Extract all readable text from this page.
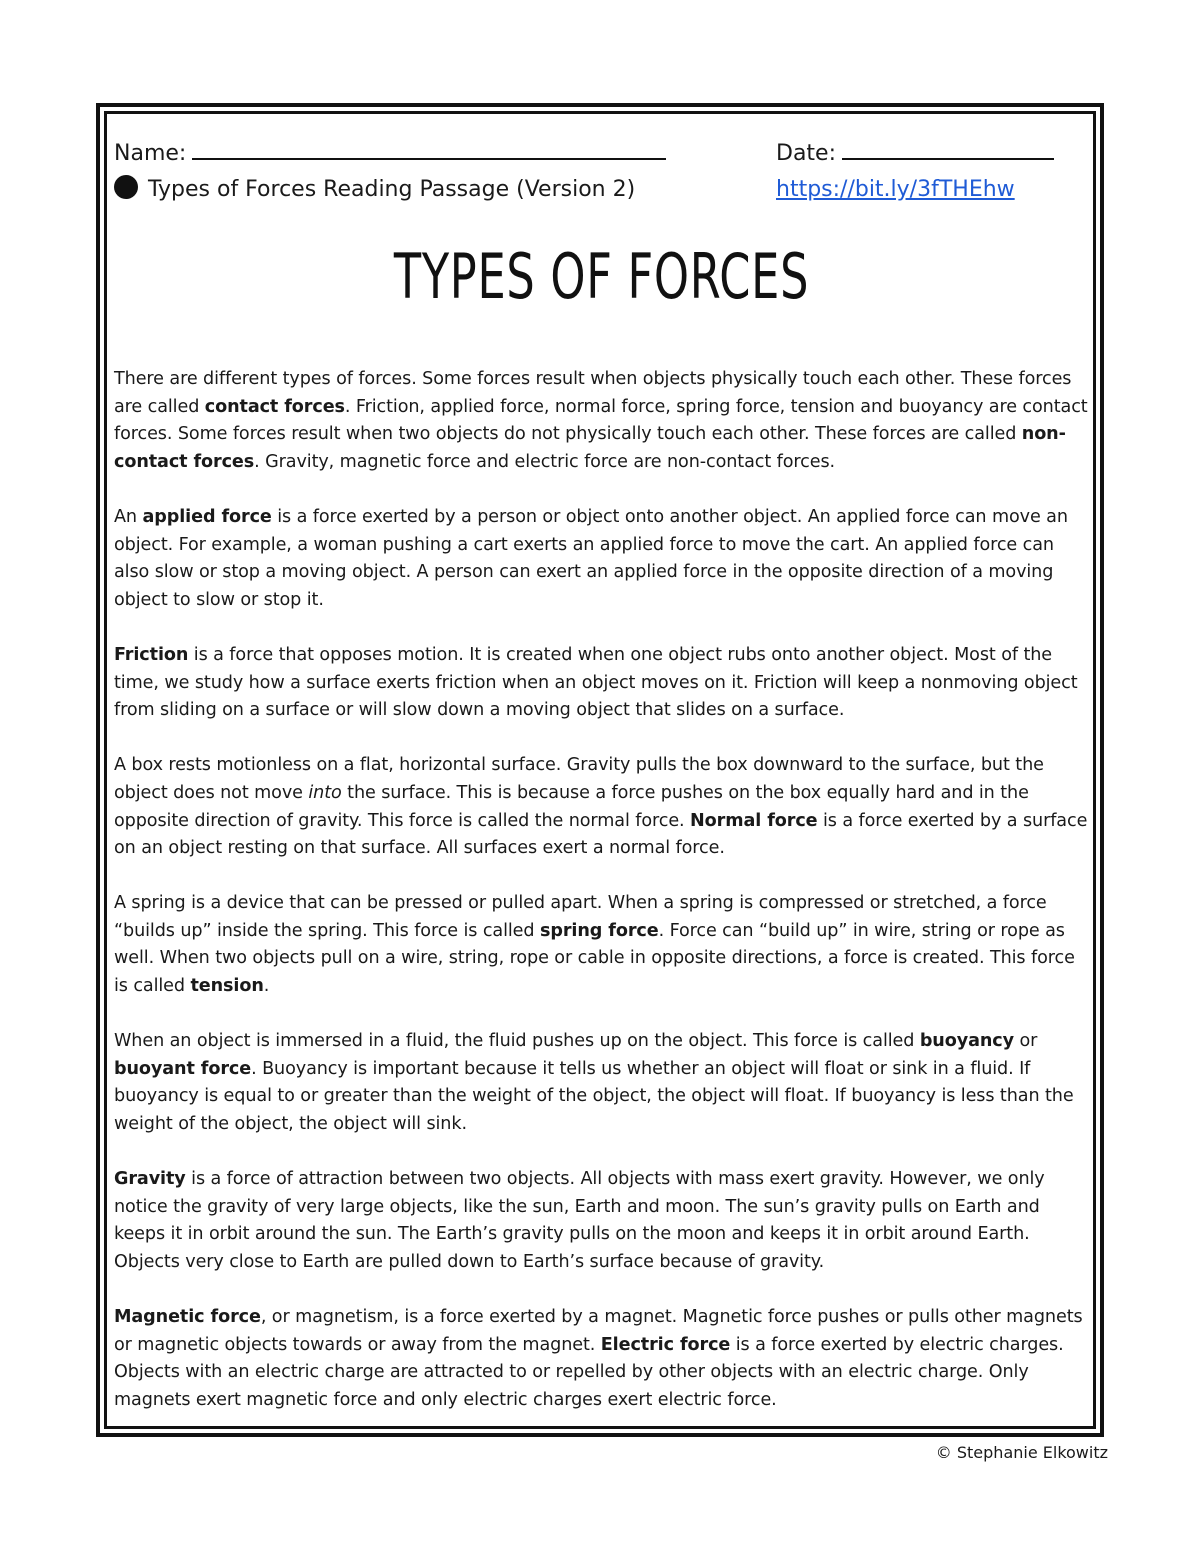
Name:	Date:
Types of Forces Reading Passage (Version 2)	https://bit.ly/3fTHEhw
TYPES OF FORCES

There are different types of forces. Some forces result when objects physically touch each other. These forces are called contact forces. Friction, applied force, normal force, spring force, tension and buoyancy are contact forces. Some forces result when two objects do not physically touch each other. These forces are called non-contact forces. Gravity, magnetic force and electric force are non-contact forces.

An applied force is a force exerted by a person or object onto another object. An applied force can move an object. For example, a woman pushing a cart exerts an applied force to move the cart. An applied force can also slow or stop a moving object. A person can exert an applied force in the opposite direction of a moving object to slow or stop it.

Friction is a force that opposes motion. It is created when one object rubs onto another object. Most of the time, we study how a surface exerts friction when an object moves on it. Friction will keep a nonmoving object from sliding on a surface or will slow down a moving object that slides on a surface.

A box rests motionless on a flat, horizontal surface. Gravity pulls the box downward to the surface, but the object does not move into the surface. This is because a force pushes on the box equally hard and in the opposite direction of gravity. This force is called the normal force. Normal force is a force exerted by a surface on an object resting on that surface. All surfaces exert a normal force.

A spring is a device that can be pressed or pulled apart. When a spring is compressed or stretched, a force “builds up” inside the spring. This force is called spring force. Force can “build up” in wire, string or rope as well. When two objects pull on a wire, string, rope or cable in opposite directions, a force is created. This force is called tension.

When an object is immersed in a fluid, the fluid pushes up on the object. This force is called buoyancy or buoyant force. Buoyancy is important because it tells us whether an object will float or sink in a fluid. If buoyancy is equal to or greater than the weight of the object, the object will float. If buoyancy is less than the weight of the object, the object will sink.

Gravity is a force of attraction between two objects. All objects with mass exert gravity. However, we only notice the gravity of very large objects, like the sun, Earth and moon. The sun’s gravity pulls on Earth and keeps it in orbit around the sun. The Earth’s gravity pulls on the moon and keeps it in orbit around Earth. Objects very close to Earth are pulled down to Earth’s surface because of gravity.

Magnetic force, or magnetism, is a force exerted by a magnet. Magnetic force pushes or pulls other magnets or magnetic objects towards or away from the magnet. Electric force is a force exerted by electric charges. Objects with an electric charge are attracted to or repelled by other objects with an electric charge. Only magnets exert magnetic force and only electric charges exert electric force.

© Stephanie Elkowitz
